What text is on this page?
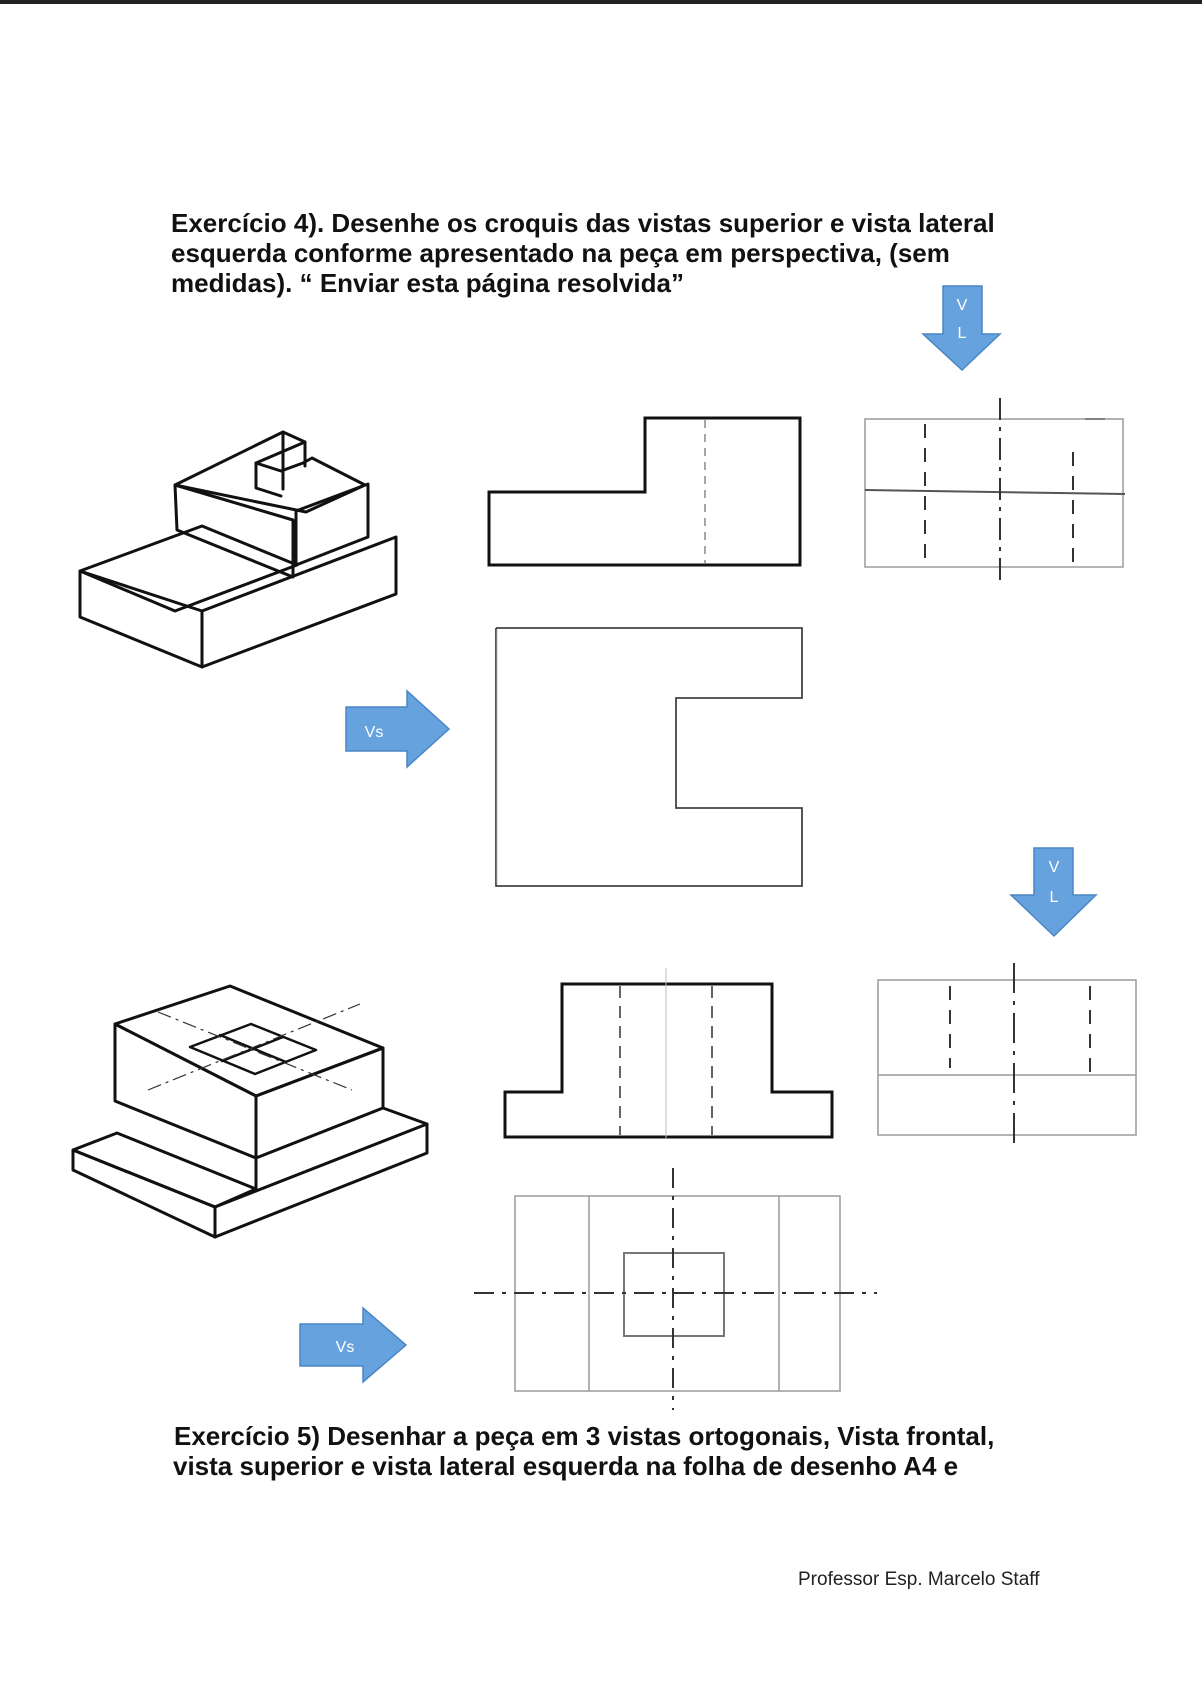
Exercício 4). Desenhe os croquis das vistas superior e vista lateral
esquerda conforme apresentado na peça em perspectiva, (sem
medidas). “ Enviar esta página resolvida”

Vs
V
L
V
L
Vs

Exercício 5) Desenhar a peça em 3 vistas ortogonais, Vista frontal,
vista superior e vista lateral esquerda na folha de desenho A4 e

Professor Esp. Marcelo Staff
